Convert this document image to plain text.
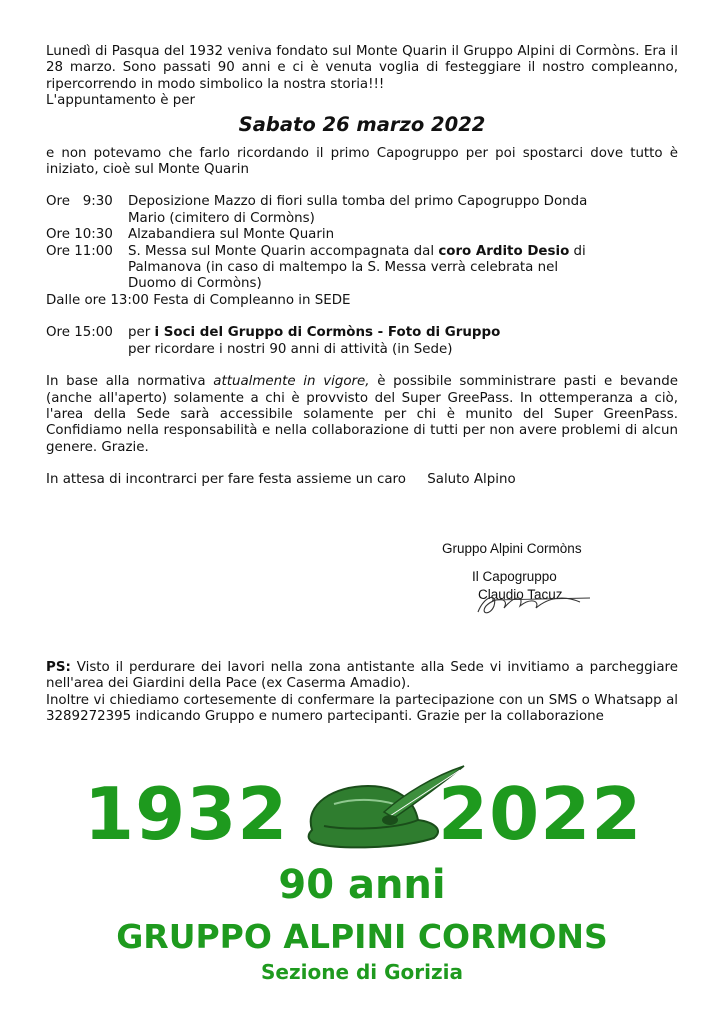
Lunedì di Pasqua del 1932 veniva fondato sul Monte Quarin il Gruppo Alpini di Cormòns. Era il 28 marzo. Sono passati 90 anni e ci è venuta voglia di festeggiare il nostro compleanno, ripercorrendo in modo simbolico la nostra storia!!!

L'appuntamento è per

Sabato 26 marzo 2022

e non potevamo che farlo ricordando il primo Capogruppo per poi spostarci dove tutto è iniziato, cioè sul Monte Quarin

Ore   9:30	Deposizione Mazzo di fiori sulla tomba del primo Capogruppo Donda
Mario (cimitero di Cormòns)
Ore 10:30	Alzabandiera sul Monte Quarin
Ore 11:00	S. Messa sul Monte Quarin accompagnata dal coro Ardito Desio di
Palmanova (in caso di maltempo la S. Messa verrà celebrata nel
Duomo di Cormòns)
Dalle ore 13:00 Festa di Compleanno in SEDE
Ore 15:00	per i Soci del Gruppo di Cormòns - Foto di Gruppo
per ricordare i nostri 90 anni di attività (in Sede)

In base alla normativa attualmente in vigore, è possibile somministrare pasti e bevande (anche all'aperto) solamente a chi è provvisto del Super GreePass. In ottemperanza a ciò, l'area della Sede sarà accessibile solamente per chi è munito del Super GreenPass. Confidiamo nella responsabilità e nella collaborazione di tutti per non avere problemi di alcun genere. Grazie.

In attesa di incontrarci per fare festa assieme un caro Saluto Alpino

Gruppo Alpini Cormòns
Il Capogruppo
Claudio Tacuz

PS: Visto il perdurare dei lavori nella zona antistante alla Sede vi invitiamo a parcheggiare nell'area dei Giardini della Pace (ex Caserma Amadio).

Inoltre vi chiediamo cortesemente di confermare la partecipazione con un SMS o Whatsapp al 3289272395 indicando Gruppo e numero partecipanti. Grazie per la collaborazione

1932 2022
90 anni
GRUPPO ALPINI CORMONS
Sezione di Gorizia
